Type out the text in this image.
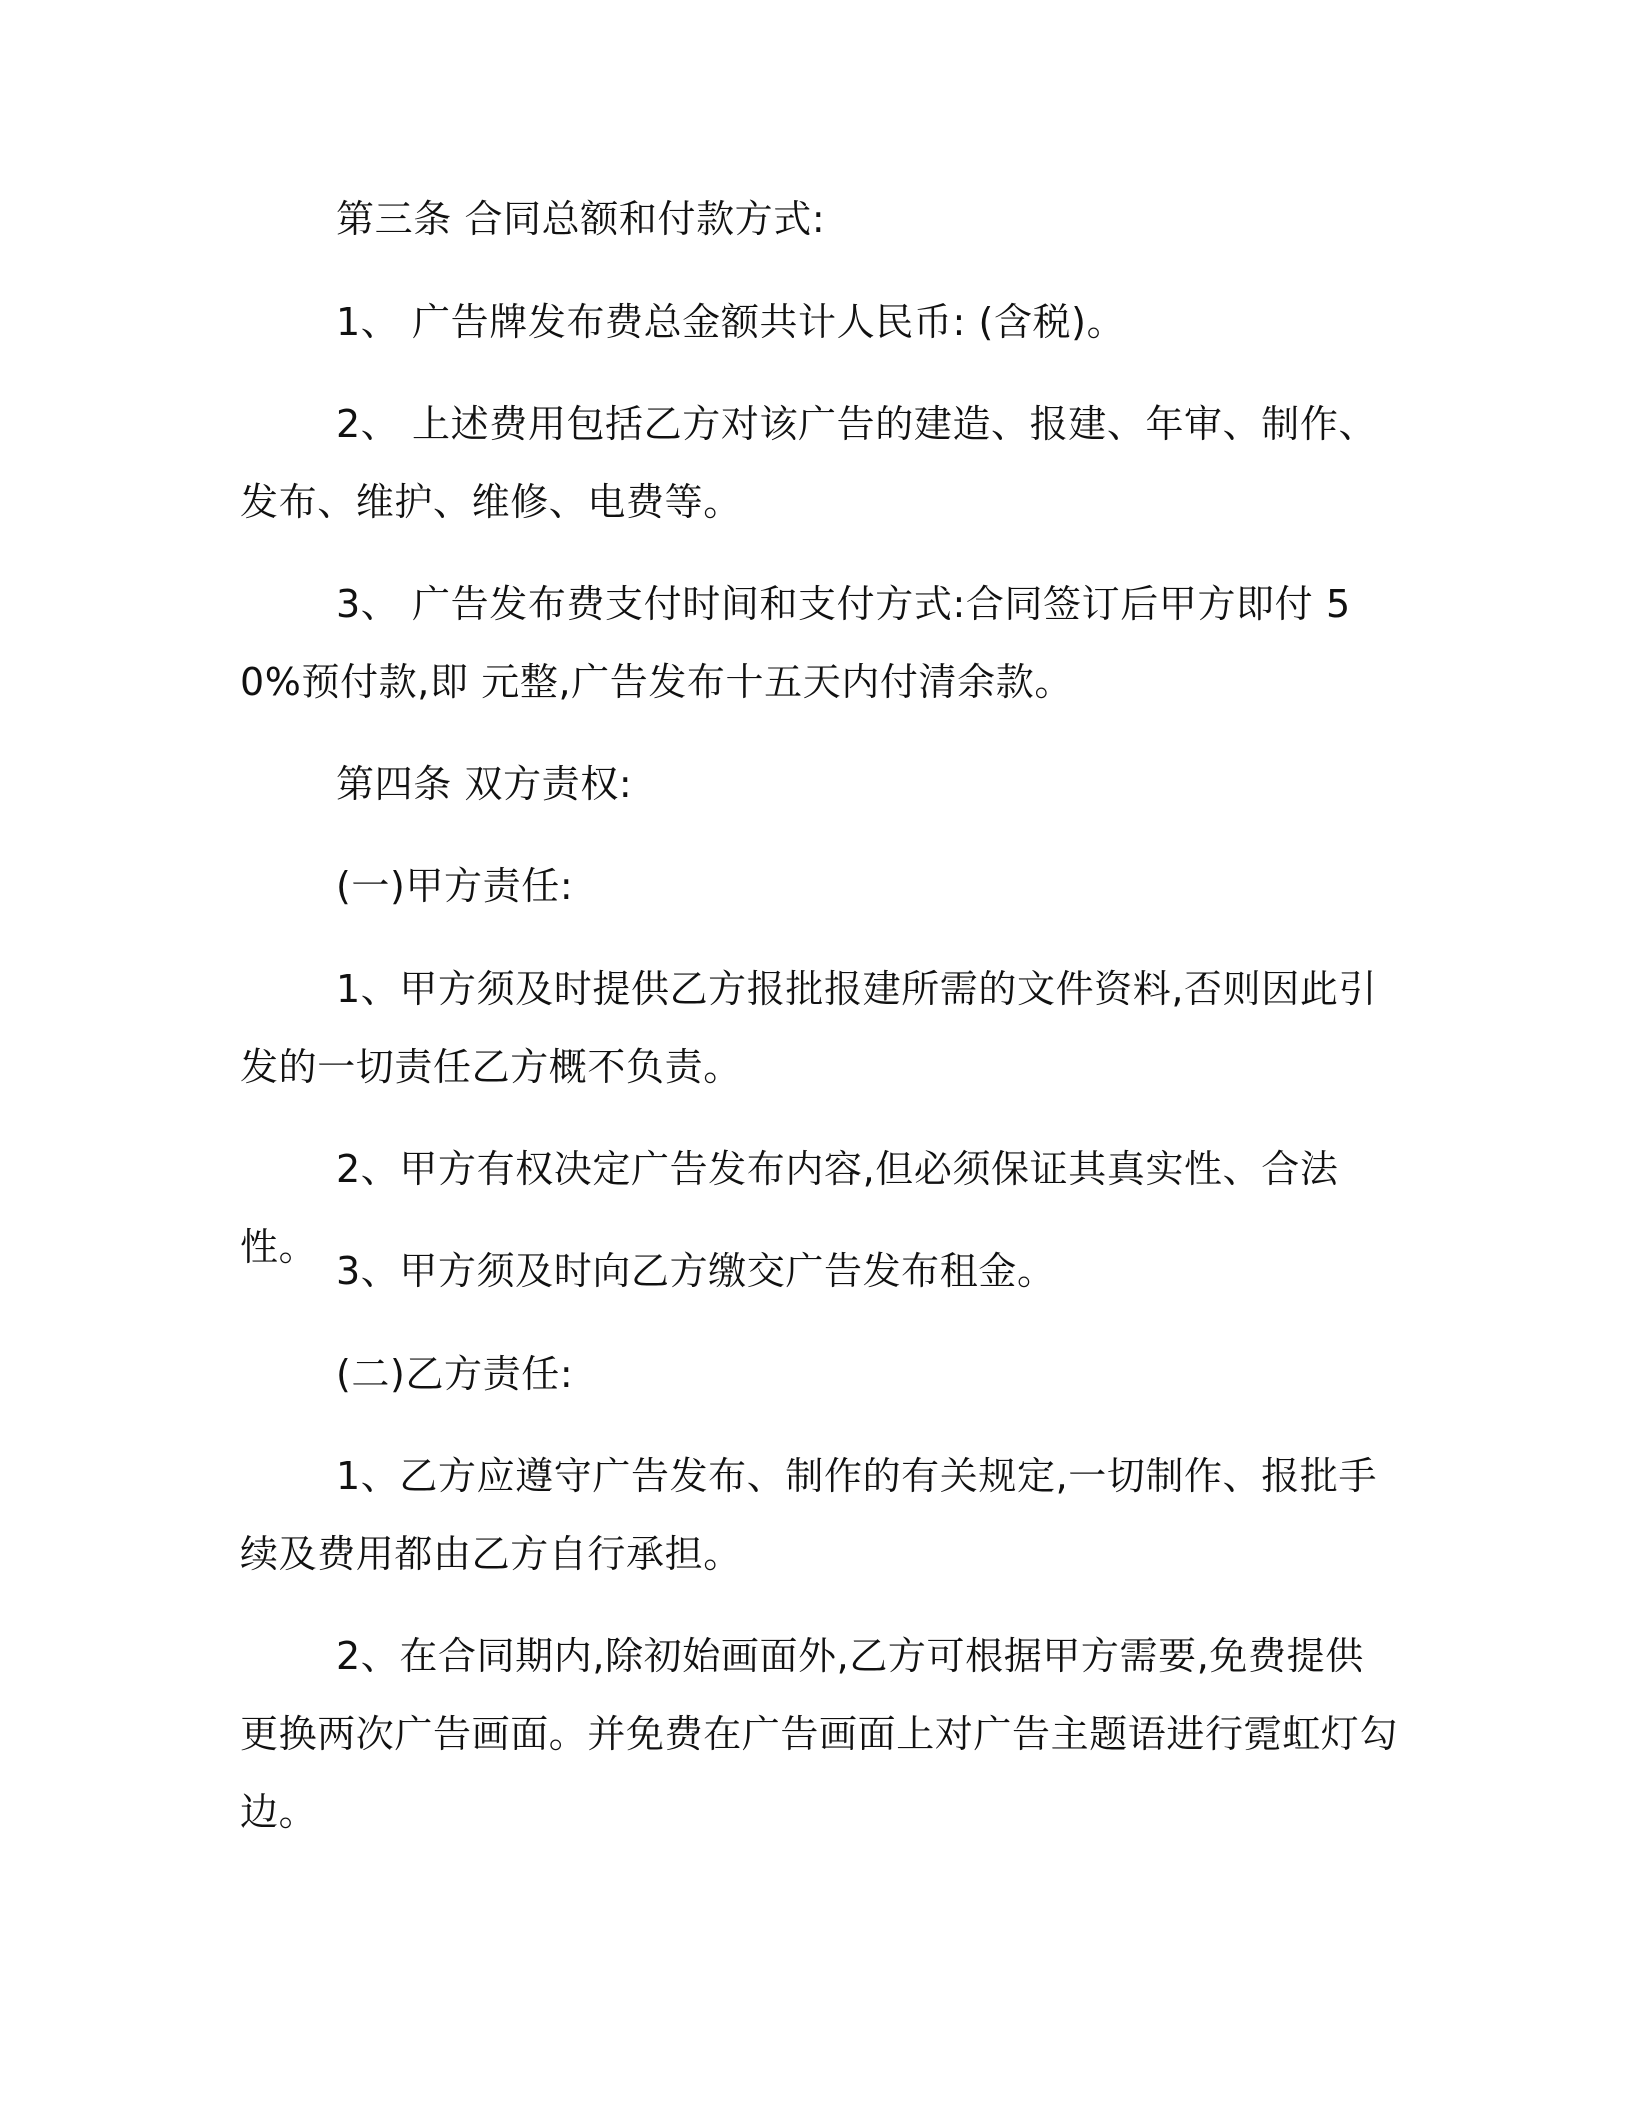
第三条 合同总额和付款方式:

1、 广告牌发布费总金额共计人民币: (含税)。

2、 上述费用包括乙方对该广告的建造、报建、年审、制作、发布、维护、维修、电费等。

3、 广告发布费支付时间和支付方式:合同签订后甲方即付 50%预付款,即 元整,广告发布十五天内付清余款。

第四条 双方责权:

(一)甲方责任:

1、甲方须及时提供乙方报批报建所需的文件资料,否则因此引发的一切责任乙方概不负责。

2、甲方有权决定广告发布内容,但必须保证其真实性、合法性。

3、甲方须及时向乙方缴交广告发布租金。

(二)乙方责任:

1、乙方应遵守广告发布、制作的有关规定,一切制作、报批手续及费用都由乙方自行承担。

2、在合同期内,除初始画面外,乙方可根据甲方需要,免费提供更换两次广告画面。并免费在广告画面上对广告主题语进行霓虹灯勾边。
